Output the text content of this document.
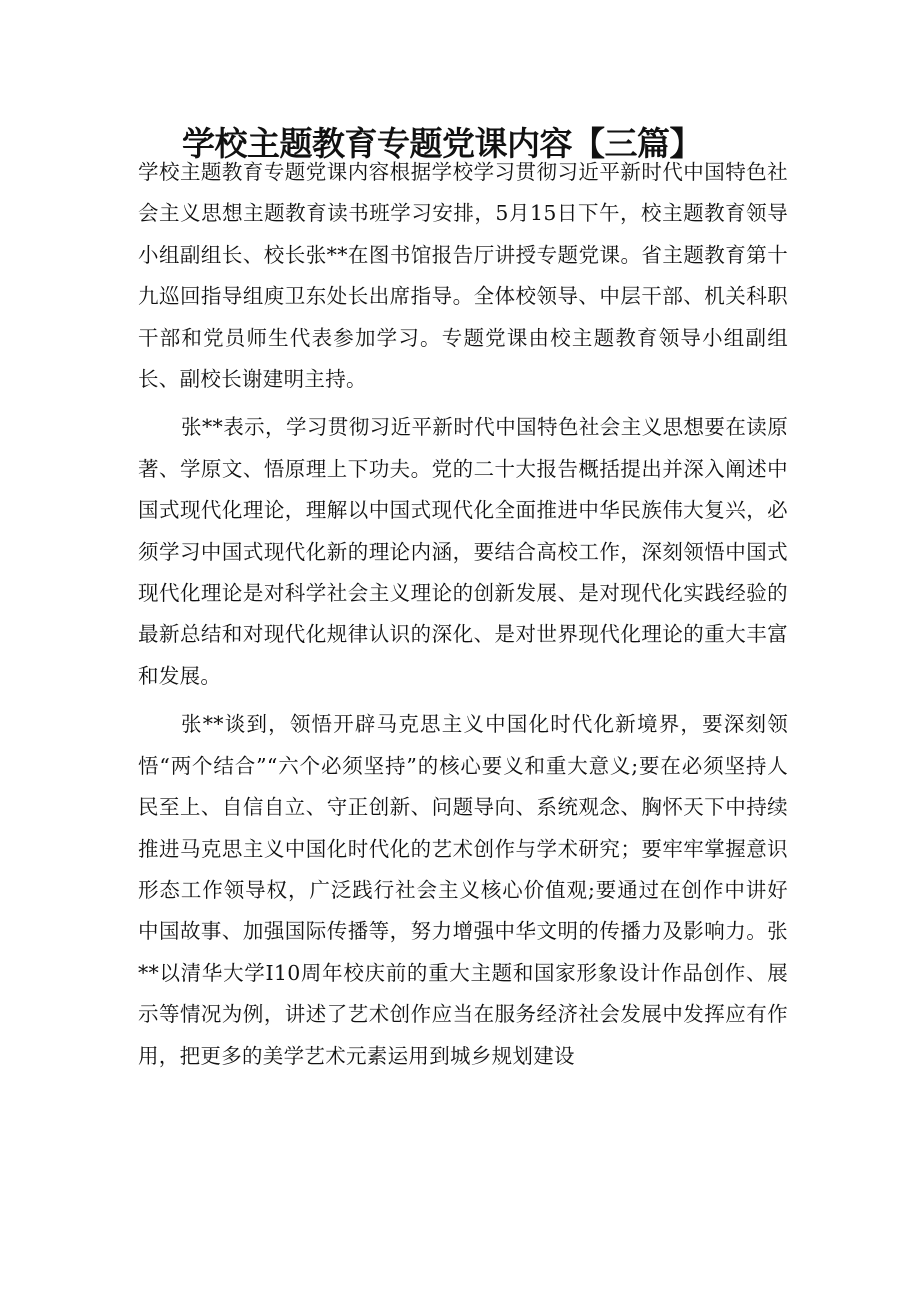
学校主题教育专题党课内容【三篇】

学校主题教育专题党课内容根据学校学习贯彻习近平新时代中国特色社会主义思想主题教育读书班学习安排，5月15日下午，校主题教育领导小组副组长、校长张**在图书馆报告厅讲授专题党课。省主题教育第十九巡回指导组庾卫东处长出席指导。全体校领导、中层干部、机关科职干部和党员师生代表参加学习。专题党课由校主题教育领导小组副组长、副校长谢建明主持。

张**表示，学习贯彻习近平新时代中国特色社会主义思想要在读原著、学原文、悟原理上下功夫。党的二十大报告概括提出并深入阐述中国式现代化理论，理解以中国式现代化全面推进中华民族伟大复兴，必须学习中国式现代化新的理论内涵，要结合高校工作，深刻领悟中国式现代化理论是对科学社会主义理论的创新发展、是对现代化实践经验的最新总结和对现代化规律认识的深化、是对世界现代化理论的重大丰富和发展。

张**谈到，领悟开辟马克思主义中国化时代化新境界，要深刻领悟“两个结合”“六个必须坚持”的核心要义和重大意义;要在必须坚持人民至上、自信自立、守正创新、问题导向、系统观念、胸怀天下中持续推进马克思主义中国化时代化的艺术创作与学术研究；要牢牢掌握意识形态工作领导权，广泛践行社会主义核心价值观;要通过在创作中讲好中国故事、加强国际传播等，努力增强中华文明的传播力及影响力。张**以清华大学I10周年校庆前的重大主题和国家形象设计作品创作、展示等情况为例，讲述了艺术创作应当在服务经济社会发展中发挥应有作用，把更多的美学艺术元素运用到城乡规划建设
